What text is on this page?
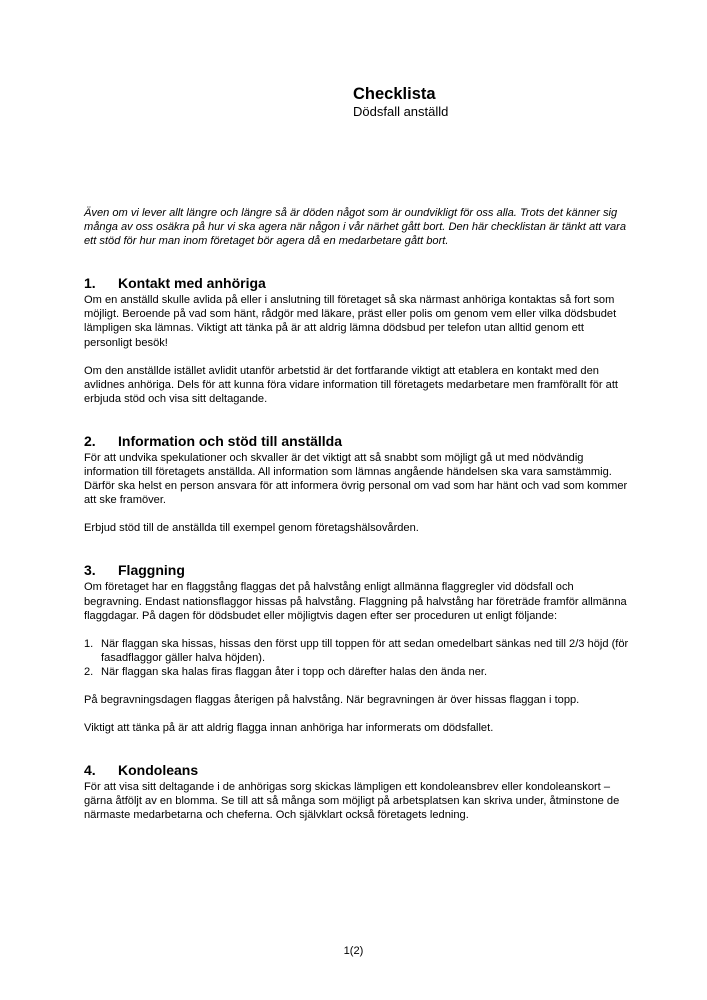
Checklista

Dödsfall anställd

Även om vi lever allt längre och längre så är döden något som är oundvikligt för oss alla. Trots det känner sig många av oss osäkra på hur vi ska agera när någon i vår närhet gått bort. Den här checklistan är tänkt att vara ett stöd för hur man inom företaget bör agera då en medarbetare gått bort.

1.	Kontakt med anhöriga

Om en anställd skulle avlida på eller i anslutning till företaget så ska närmast anhöriga kontaktas så fort som möjligt. Beroende på vad som hänt, rådgör med läkare, präst eller polis om genom vem eller vilka dödsbudet lämpligen ska lämnas. Viktigt att tänka på är att aldrig lämna dödsbud per telefon utan alltid genom ett personligt besök!

Om den anställde istället avlidit utanför arbetstid är det fortfarande viktigt att etablera en kontakt med den avlidnes anhöriga. Dels för att kunna föra vidare information till företagets medarbetare men framförallt för att erbjuda stöd och visa sitt deltagande.

2.	Information och stöd till anställda

För att undvika spekulationer och skvaller är det viktigt att så snabbt som möjligt gå ut med nödvändig information till företagets anställda. All information som lämnas angående händelsen ska vara samstämmig. Därför ska helst en person ansvara för att informera övrig personal om vad som har hänt och vad som kommer att ske framöver.

Erbjud stöd till de anställda till exempel genom företagshälsovården.

3.	Flaggning

Om företaget har en flaggstång flaggas det på halvstång enligt allmänna flaggregler vid dödsfall och begravning. Endast nationsflaggor hissas på halvstång. Flaggning på halvstång har företräde framför allmänna flaggdagar. På dagen för dödsbudet eller möjligtvis dagen efter ser proceduren ut enligt följande:

1. När flaggan ska hissas, hissas den först upp till toppen för att sedan omedelbart sänkas ned till 2/3 höjd (för fasadflaggor gäller halva höjden).
2. När flaggan ska halas firas flaggan åter i topp och därefter halas den ända ner.

På begravningsdagen flaggas återigen på halvstång. När begravningen är över hissas flaggan i topp.

Viktigt att tänka på är att aldrig flagga innan anhöriga har informerats om dödsfallet.

4.	Kondoleans

För att visa sitt deltagande i de anhörigas sorg skickas lämpligen ett kondoleansbrev eller kondoleanskort – gärna åtföljt av en blomma. Se till att så många som möjligt på arbetsplatsen kan skriva under, åtminstone de närmaste medarbetarna och cheferna. Och självklart också företagets ledning.

1(2)
